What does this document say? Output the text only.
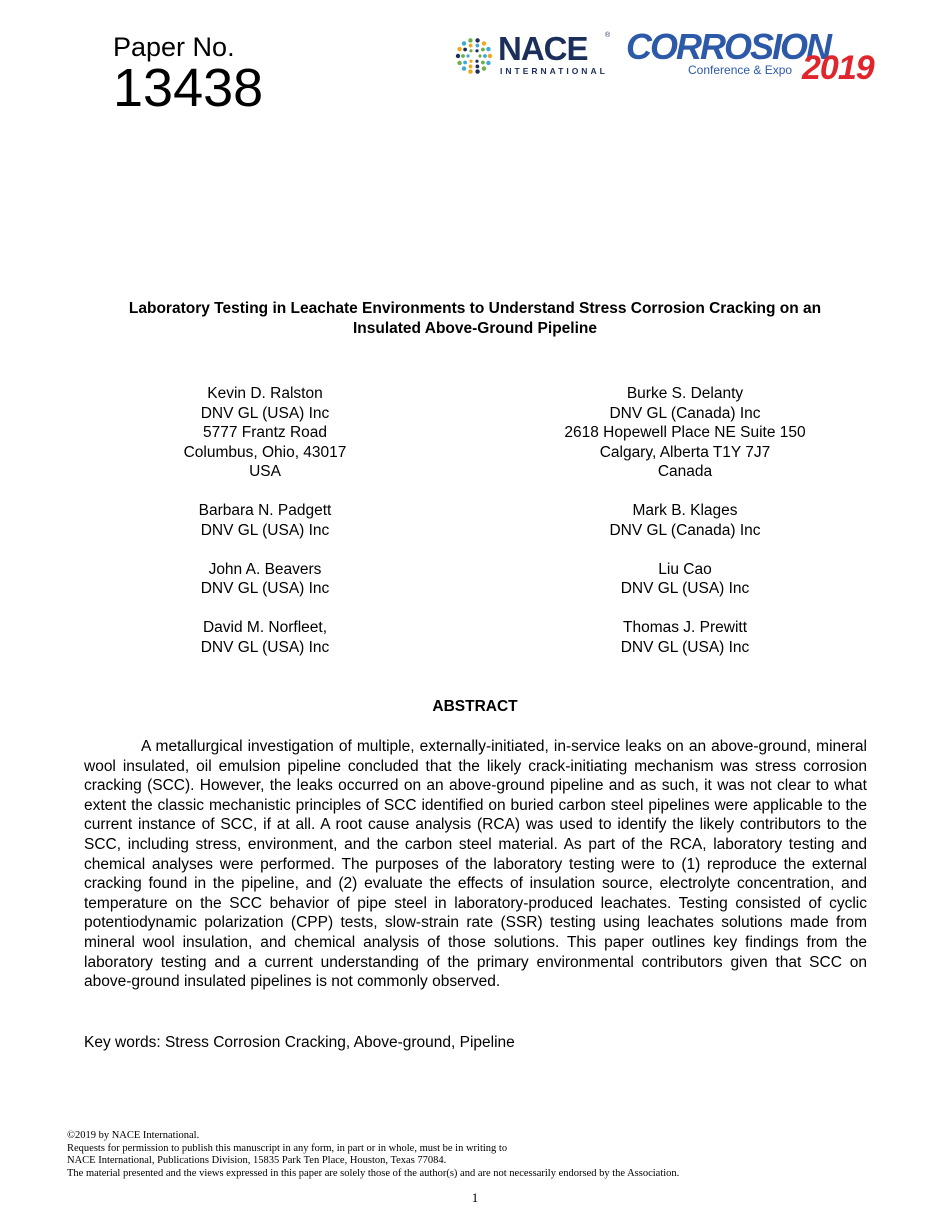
Paper No.
13438
NACE ®
INTERNATIONAL
CORROSION
Conference & Expo 2019
Laboratory Testing in Leachate Environments to Understand Stress Corrosion Cracking on an
Insulated Above-Ground Pipeline
Kevin D. Ralston
DNV GL (USA) Inc
5777 Frantz Road
Columbus, Ohio, 43017
USA
Barbara N. Padgett
DNV GL (USA) Inc
John A. Beavers
DNV GL (USA) Inc
David M. Norfleet,
DNV GL (USA) Inc
Burke S. Delanty
DNV GL (Canada) Inc
2618 Hopewell Place NE Suite 150
Calgary, Alberta T1Y 7J7
Canada
Mark B. Klages
DNV GL (Canada) Inc
Liu Cao
DNV GL (USA) Inc
Thomas J. Prewitt
DNV GL (USA) Inc
ABSTRACT

A metallurgical investigation of multiple, externally-initiated, in-service leaks on an above-ground, mineral wool insulated, oil emulsion pipeline concluded that the likely crack-initiating mechanism was stress corrosion cracking (SCC). However, the leaks occurred on an above-ground pipeline and as such, it was not clear to what extent the classic mechanistic principles of SCC identified on buried carbon steel pipelines were applicable to the current instance of SCC, if at all. A root cause analysis (RCA) was used to identify the likely contributors to the SCC, including stress, environment, and the carbon steel material. As part of the RCA, laboratory testing and chemical analyses were performed. The purposes of the laboratory testing were to (1) reproduce the external cracking found in the pipeline, and (2) evaluate the effects of insulation source, electrolyte concentration, and temperature on the SCC behavior of pipe steel in laboratory-produced leachates. Testing consisted of cyclic potentiodynamic polarization (CPP) tests, slow-strain rate (SSR) testing using leachates solutions made from mineral wool insulation, and chemical analysis of those solutions. This paper outlines key findings from the laboratory testing and a current understanding of the primary environmental contributors given that SCC on above-ground insulated pipelines is not commonly observed.

Key words: Stress Corrosion Cracking, Above-ground, Pipeline
©2019 by NACE International.
Requests for permission to publish this manuscript in any form, in part or in whole, must be in writing to
NACE International, Publications Division, 15835 Park Ten Place, Houston, Texas 77084.
The material presented and the views expressed in this paper are solely those of the author(s) and are not necessarily endorsed by the Association.
1
